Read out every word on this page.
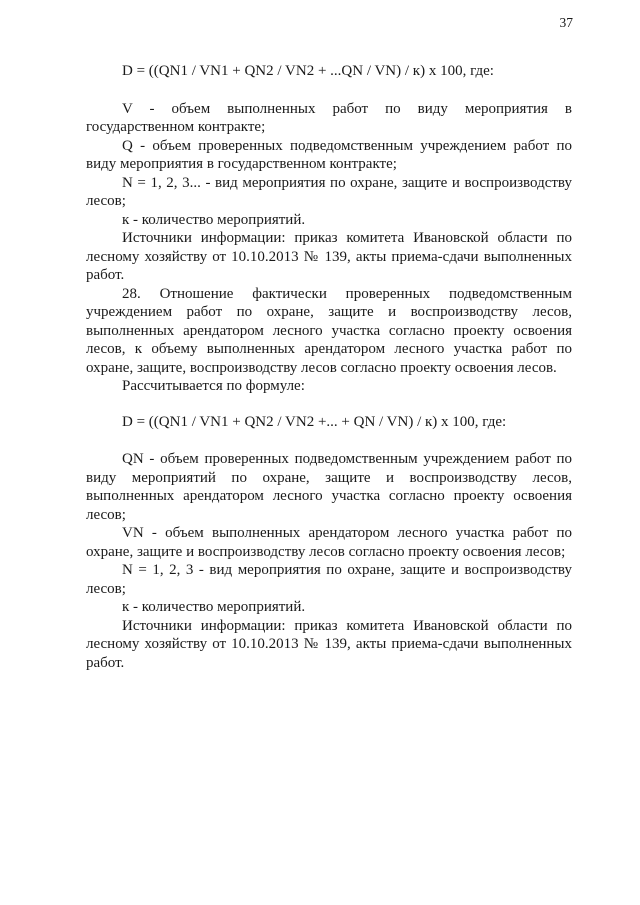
37

D = ((QN1 / VN1 + QN2 / VN2 + ...QN / VN) / к) х 100, где:

V - объем выполненных работ по виду мероприятия в государственном контракте;

Q - объем проверенных подведомственным учреждением работ по виду мероприятия в государственном контракте;

N = 1, 2, 3... - вид мероприятия по охране, защите и воспроизводству лесов;

к - количество мероприятий.

Источники информации: приказ комитета Ивановской области по лесному хозяйству от 10.10.2013 № 139, акты приема-сдачи выполненных работ.

28. Отношение фактически проверенных подведомственным учреждением работ по охране, защите и воспроизводству лесов, выполненных арендатором лесного участка согласно проекту освоения лесов, к объему выполненных арендатором лесного участка работ по охране, защите, воспроизводству лесов согласно проекту освоения лесов.

Рассчитывается по формуле:

D = ((QN1 / VN1 + QN2 / VN2 +... + QN / VN) / к) х 100, где:

QN - объем проверенных подведомственным учреждением работ по виду мероприятий по охране, защите и воспроизводству лесов, выполненных арендатором лесного участка согласно проекту освоения лесов;

VN - объем выполненных арендатором лесного участка работ по охране, защите и воспроизводству лесов согласно проекту освоения лесов;

N = 1, 2, 3 - вид мероприятия по охране, защите и воспроизводству лесов;

к - количество мероприятий.

Источники информации: приказ комитета Ивановской области по лесному хозяйству от 10.10.2013 № 139, акты приема-сдачи выполненных работ.
